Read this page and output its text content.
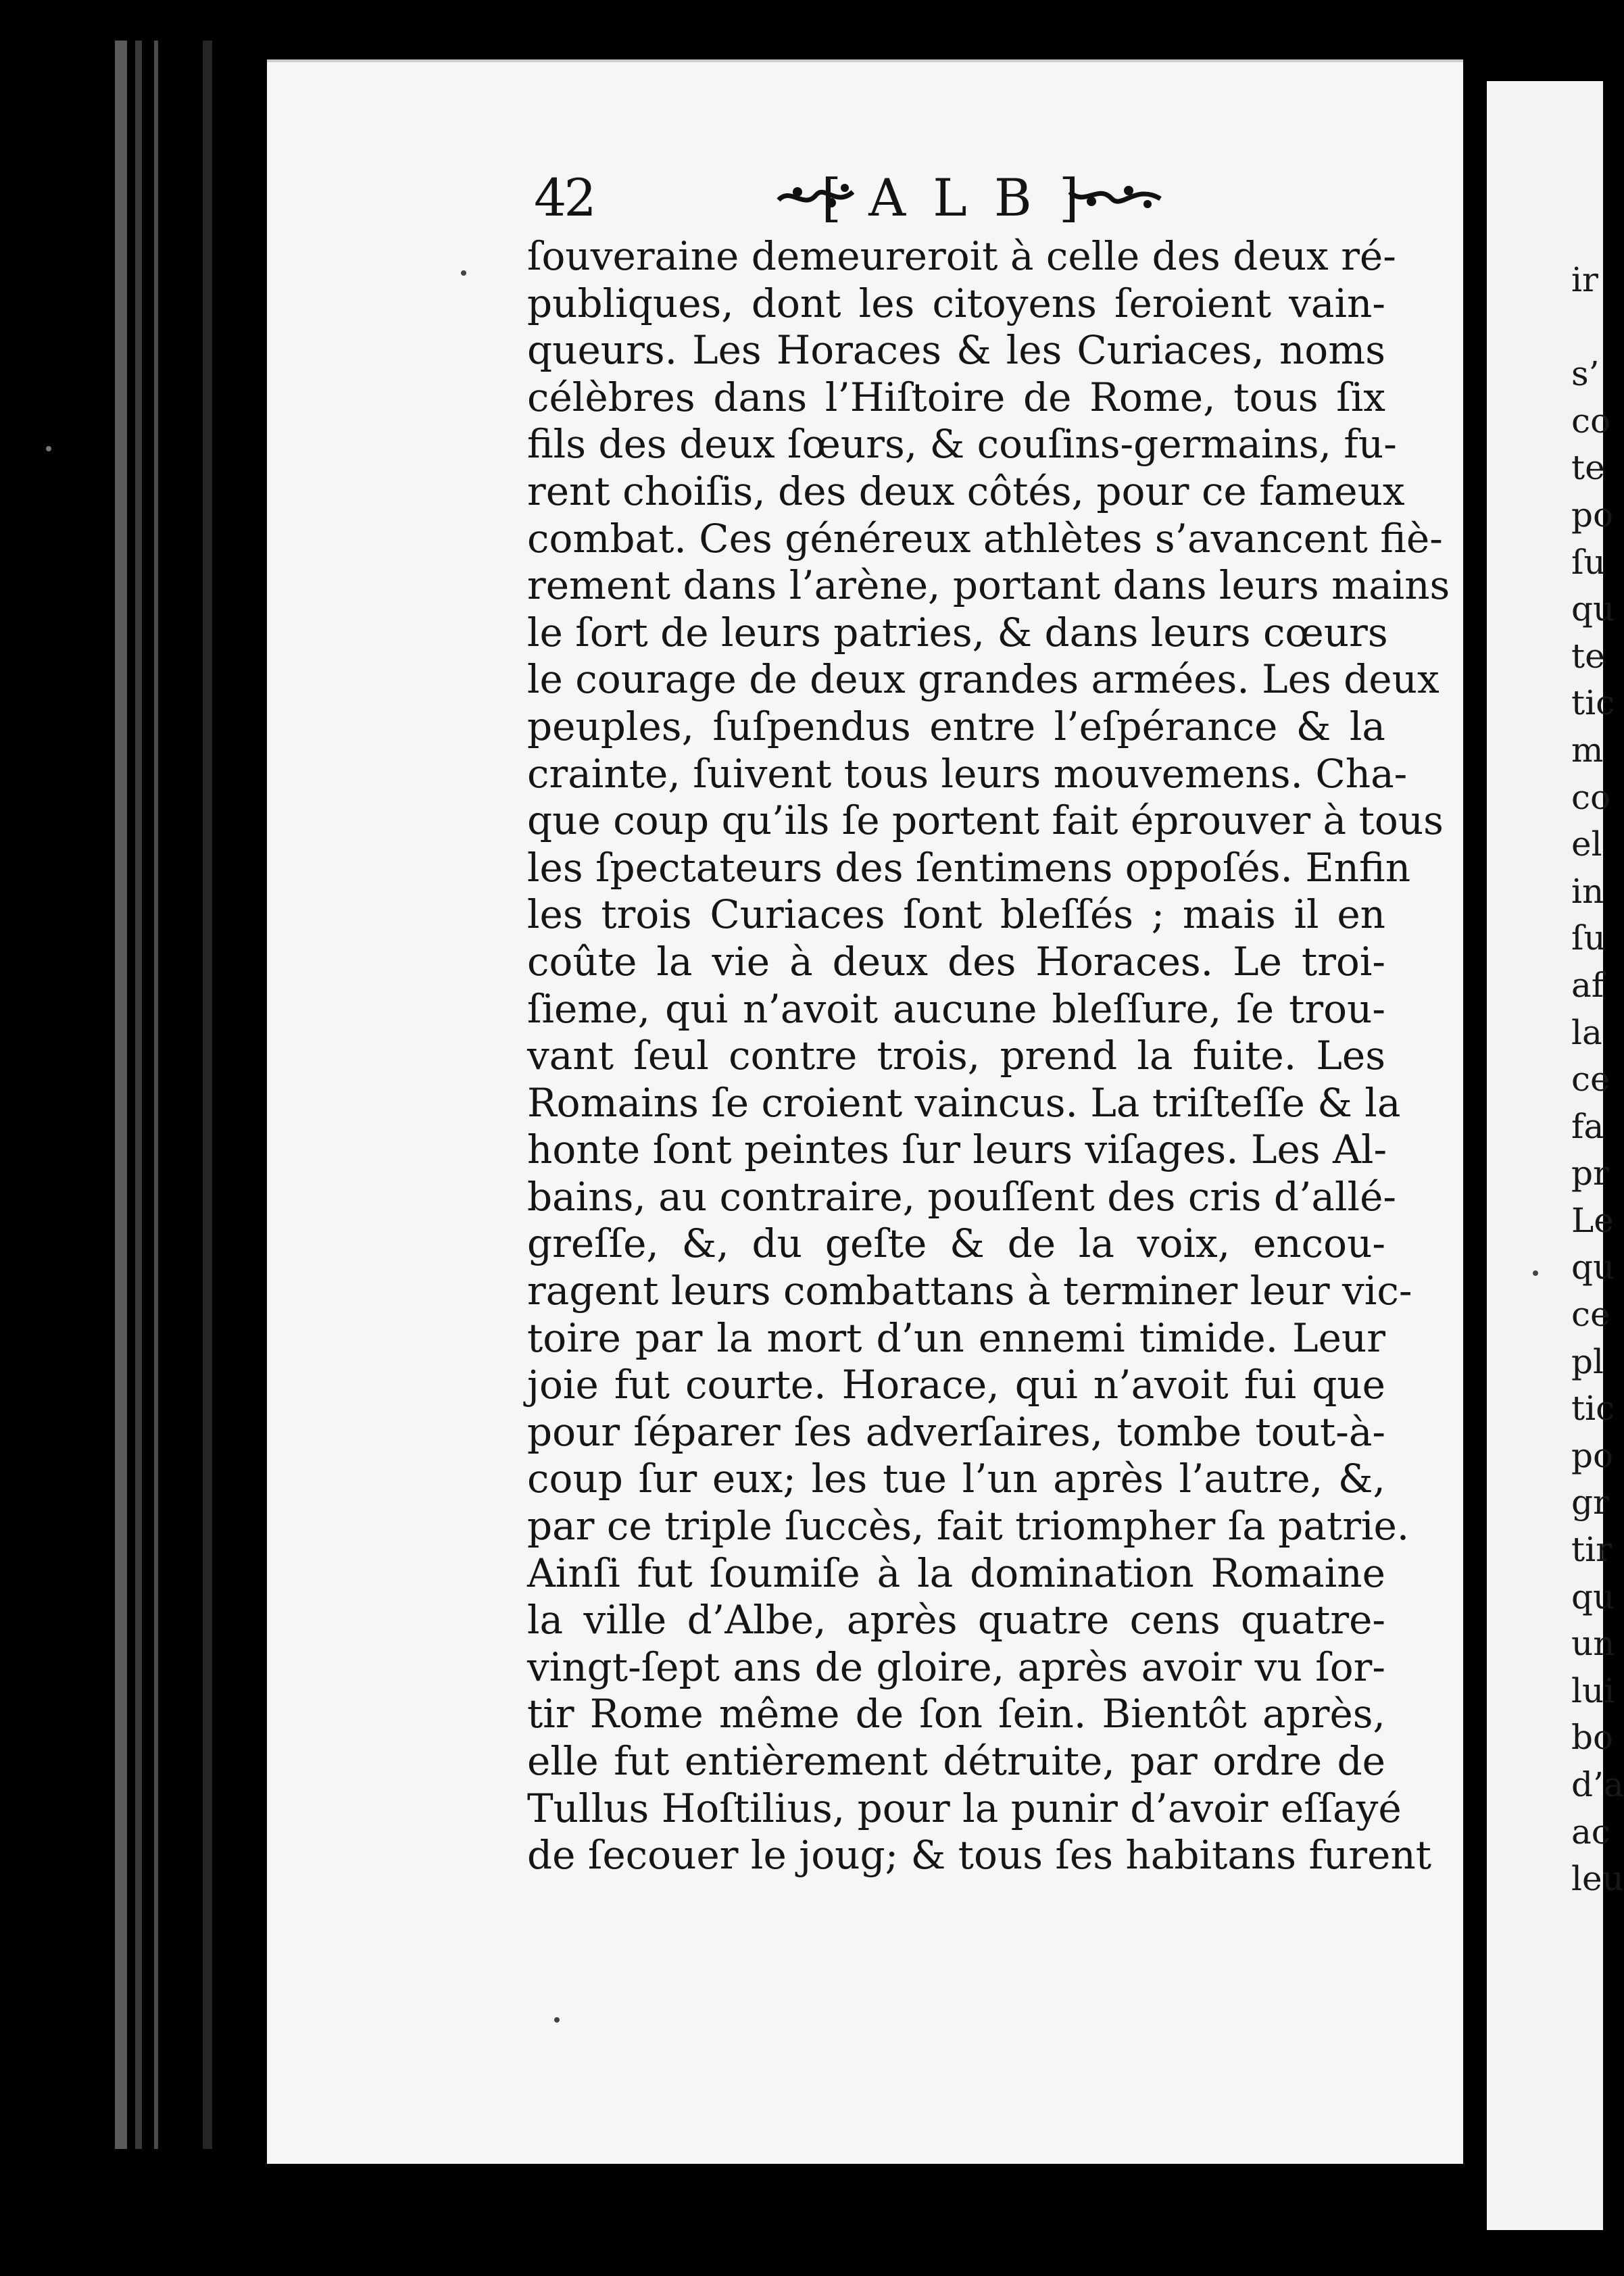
42	[ A L B ]
ſouveraine demeureroit à celle des deux ré-
publiques, dont les citoyens ſeroient vain-
queurs. Les Horaces & les Curiaces, noms
célèbres dans l’Hiſtoire de Rome, tous ſix
fils des deux ſœurs, & couſins-germains, fu-
rent choiſis, des deux côtés, pour ce fameux
combat. Ces généreux athlètes s’avancent fiè-
rement dans l’arène, portant dans leurs mains
le ſort de leurs patries, & dans leurs cœurs
le courage de deux grandes armées. Les deux
peuples, ſuſpendus entre l’eſpérance & la
crainte, ſuivent tous leurs mouvemens. Cha-
que coup qu’ils ſe portent fait éprouver à tous
les ſpectateurs des ſentimens oppoſés. Enfin
les trois Curiaces ſont bleſſés ; mais il en
coûte la vie à deux des Horaces. Le troi-
ſieme, qui n’avoit aucune bleſſure, ſe trou-
vant ſeul contre trois, prend la fuite. Les
Romains ſe croient vaincus. La triſteſſe & la
honte ſont peintes ſur leurs viſages. Les Al-
bains, au contraire, pouſſent des cris d’allé-
greſſe, &, du geſte & de la voix, encou-
ragent leurs combattans à terminer leur vic-
toire par la mort d’un ennemi timide. Leur
joie fut courte. Horace, qui n’avoit fui que
pour ſéparer ſes adverſaires, tombe tout-à-
coup ſur eux; les tue l’un après l’autre, &,
par ce triple ſuccès, fait triompher ſa patrie.
Ainſi fut ſoumiſe à la domination Romaine
la ville d’Albe, après quatre cens quatre-
vingt-ſept ans de gloire, après avoir vu ſor-
tir Rome même de ſon ſein. Bientôt après,
elle fut entièrement détruite, par ordre de
Tullus Hoſtilius, pour la punir d’avoir eſſayé
de ſecouer le joug; & tous ſes habitans furent
ir
s’
co
te
po
ſu
qu
te
tic
m
co
el
in
ſu
af
la
ce
fa
pr
Le
qu
ce
pl
tic
po
gr
tir
qu
un
lui
bo
d’a
ac
leu
